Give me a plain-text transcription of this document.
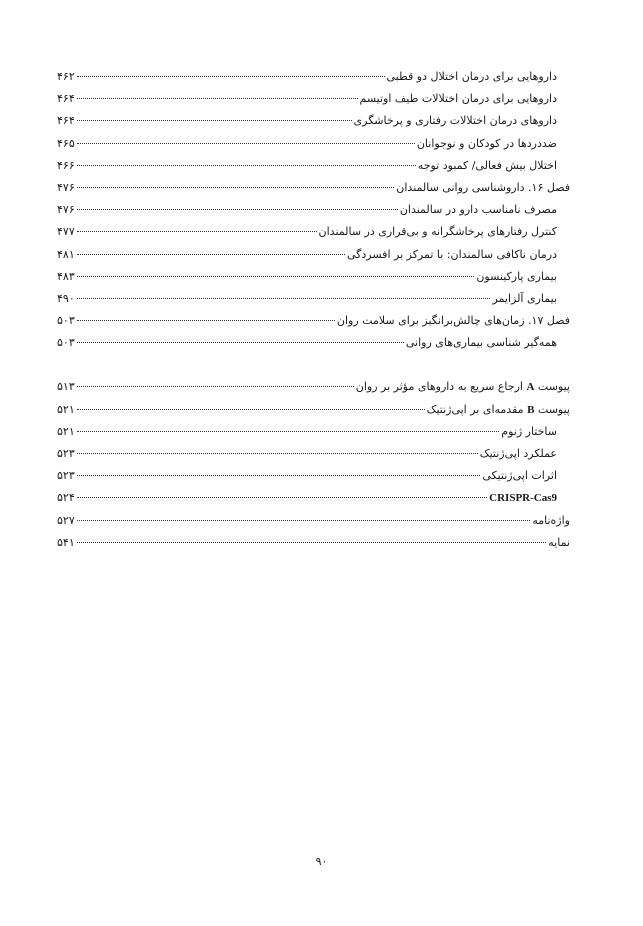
داروهایی برای درمان اختلال دو قطبی
۴۶۲
داروهایی برای درمان اختلالات طیف اوتیسم
۴۶۴
داروهای درمان اختلالات رفتاری و پرخاشگری
۴۶۴
ضددردها در کودکان و نوجوانان
۴۶۵
اختلال بیش فعالی/ کمبود توجه
۴۶۶
فصل ۱۶. داروشناسی روانی سالمندان
۴۷۶
مصرف نامناسب دارو در سالمندان
۴۷۶
کنترل رفتارهای پرخاشگرانه و بی‌قراری در سالمندان
۴۷۷
درمان ناکافی سالمندان: با تمرکز بر افسردگی
۴۸۱
بیماری پارکینسون
۴۸۳
بیماری آلزایمر
۴۹۰
فصل ۱۷. زمان‌های چالش‌برانگیز برای سلامت روان
۵۰۳
همه‌گیر شناسی بیماری‌های روانی
۵۰۳
پیوست A ارجاع سریع به داروهای مؤثر بر روان
۵۱۳
پیوست B مقدمه‌ای بر اپی‌ژنتیک
۵۲۱
ساختار ژنوم
۵۲۱
عملکرد اپی‌ژنتیک
۵۲۳
اثرات اپی‌ژنتیکی
۵۲۳
CRISPR-Cas9
۵۲۴
واژه‌نامه
۵۲۷
نمایه
۵۴۱
۹۰
